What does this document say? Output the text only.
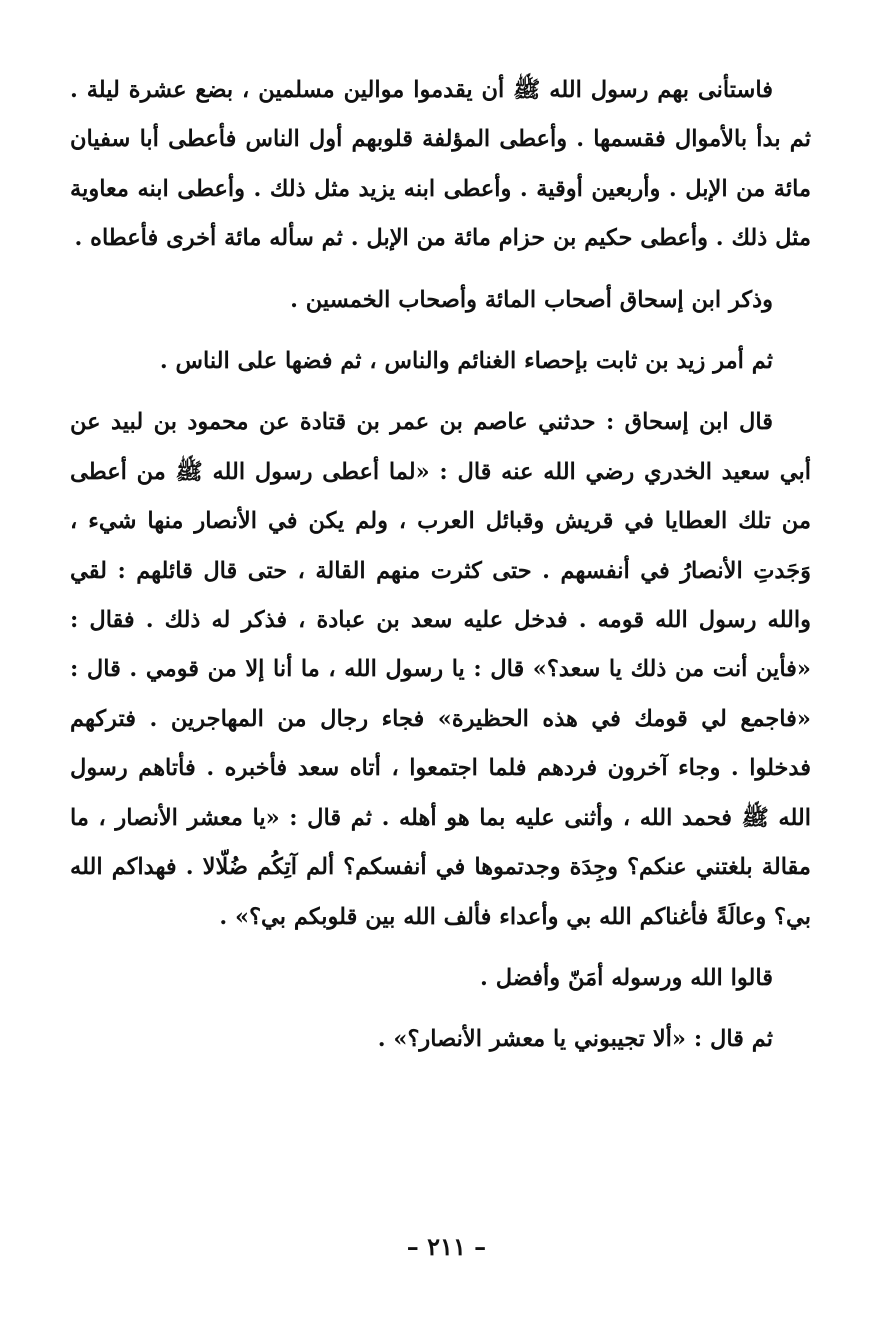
فاستأنى بهم رسول الله ﷺ أن يقدموا موالين مسلمين ، بضع عشرة ليلة . ثم بدأ بالأموال فقسمها . وأعطى المؤلفة قلوبهم أول الناس فأعطى أبا سفيان مائة من الإبل . وأربعين أوقية . وأعطى ابنه يزيد مثل ذلك . وأعطى ابنه معاوية مثل ذلك . وأعطى حكيم بن حزام مائة من الإبل . ثم سأله مائة أخرى فأعطاه .

وذكر ابن إسحاق أصحاب المائة وأصحاب الخمسين .

ثم أمر زيد بن ثابت بإحصاء الغنائم والناس ، ثم فضها على الناس .

قال ابن إسحاق : حدثني عاصم بن عمر بن قتادة عن محمود بن لبيد عن أبي سعيد الخدري رضي الله عنه قال : «لما أعطى رسول الله ﷺ من أعطى من تلك العطايا في قريش وقبائل العرب ، ولم يكن في الأنصار منها شيء ، وَجَدتِ الأنصارُ في أنفسهم . حتى كثرت منهم القالة ، حتى قال قائلهم : لقي والله رسول الله قومه . فدخل عليه سعد بن عبادة ، فذكر له ذلك . فقال : «فأين أنت من ذلك يا سعد؟» قال : يا رسول الله ، ما أنا إلا من قومي . قال : «فاجمع لي قومك في هذه الحظيرة» فجاء رجال من المهاجرين . فتركهم فدخلوا . وجاء آخرون فردهم فلما اجتمعوا ، أتاه سعد فأخبره . فأتاهم رسول الله ﷺ فحمد الله ، وأثنى عليه بما هو أهله . ثم قال : «يا معشر الأنصار ، ما مقالة بلغتني عنكم؟ وجِدَة وجدتموها في أنفسكم؟ ألم آتِكُم ضُلّالا . فهداكم الله بي؟ وعالَةً فأغناكم الله بي وأعداء فألف الله بين قلوبكم بي؟» .

قالوا الله ورسوله أمَنّ وأفضل .

ثم قال : «ألا تجيبوني يا معشر الأنصار؟» .

– ٢١١ –
